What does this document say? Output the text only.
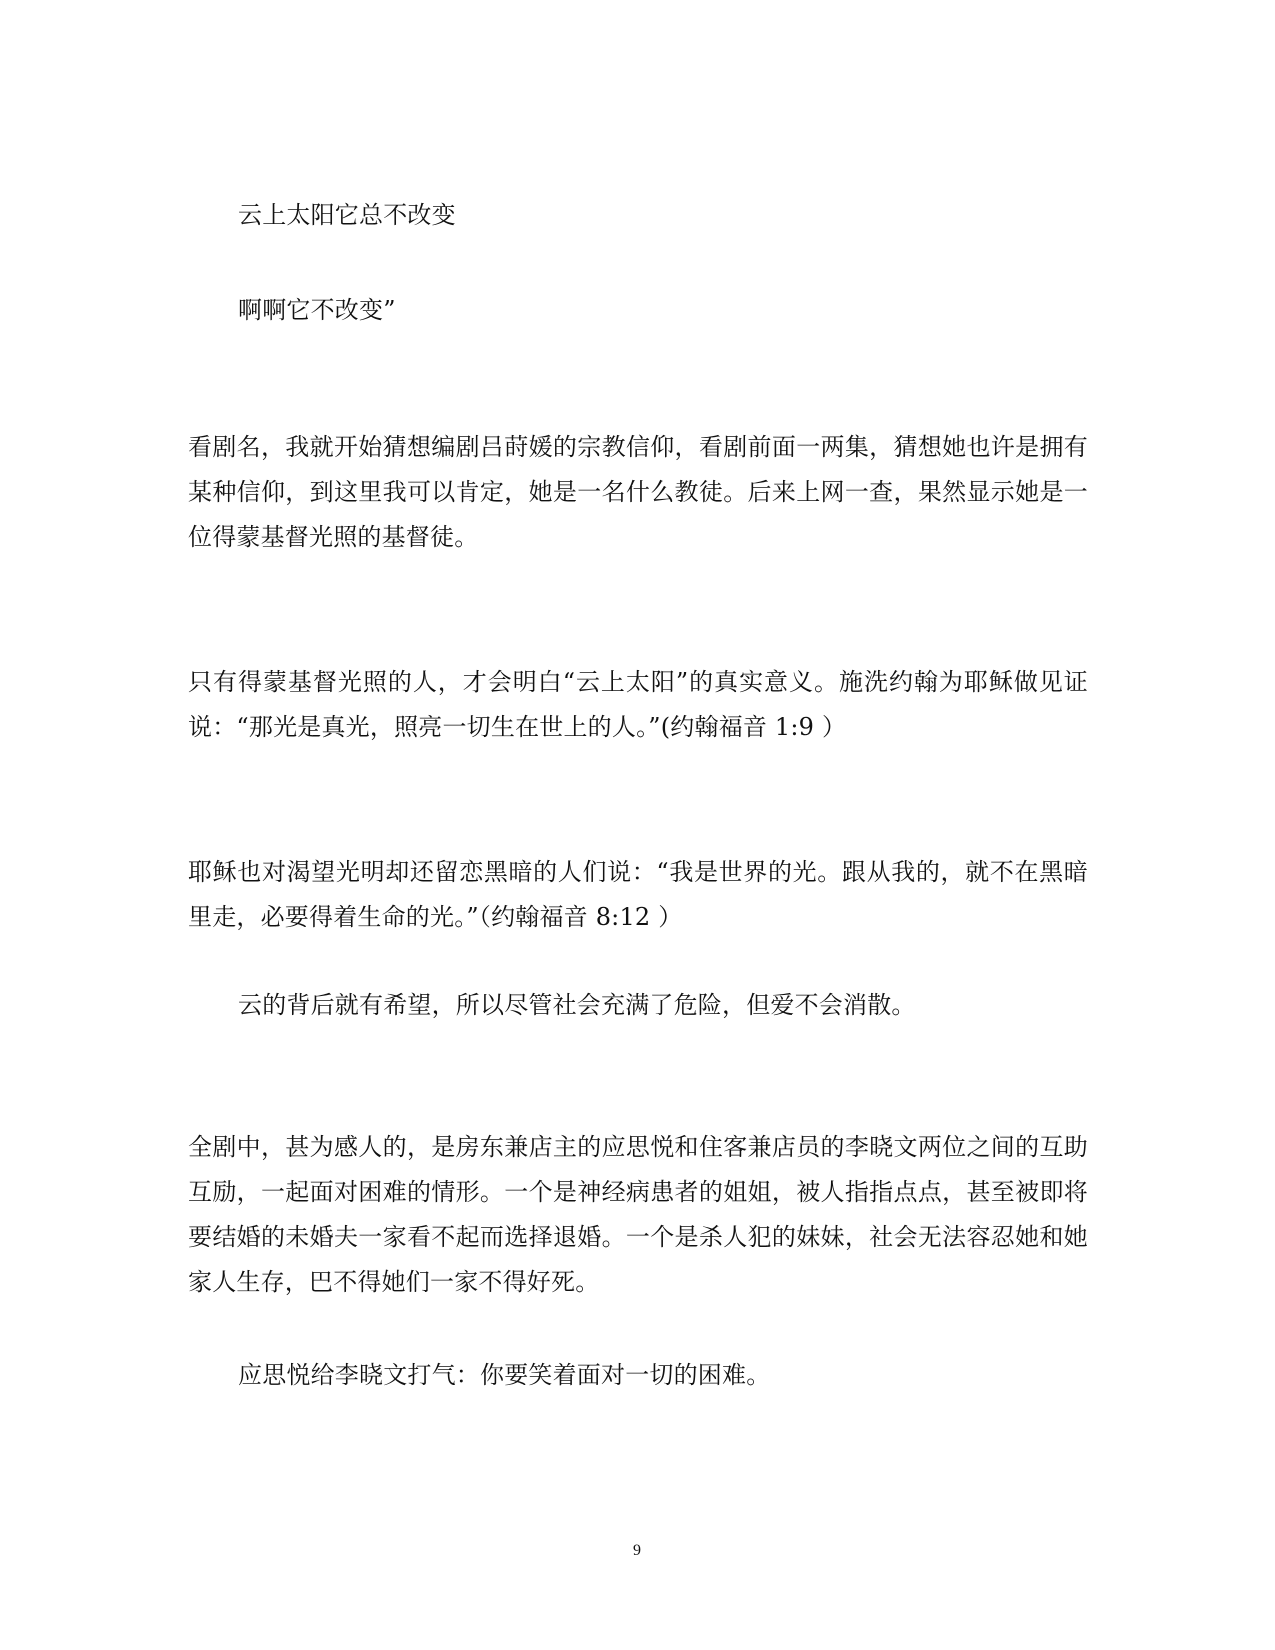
云上太阳它总不改变
啊啊它不改变”
看剧名，我就开始猜想编剧吕莳媛的宗教信仰，看剧前面一两集，猜想她也许是拥有某种信仰，到这里我可以肯定，她是一名什么教徒。后来上网一查，果然显示她是一位得蒙基督光照的基督徒。
只有得蒙基督光照的人，才会明白“云上太阳”的真实意义。施洗约翰为耶稣做见证说：“那光是真光，照亮一切生在世上的人。”(约翰福音 1:9 ）
耶稣也对渴望光明却还留恋黑暗的人们说：“我是世界的光。跟从我的，就不在黑暗里走，必要得着生命的光。”（约翰福音 8:12 ）
云的背后就有希望，所以尽管社会充满了危险，但爱不会消散。
全剧中，甚为感人的，是房东兼店主的应思悦和住客兼店员的李晓文两位之间的互助互励，一起面对困难的情形。一个是神经病患者的姐姐，被人指指点点，甚至被即将要结婚的未婚夫一家看不起而选择退婚。一个是杀人犯的妹妹，社会无法容忍她和她家人生存，巴不得她们一家不得好死。
应思悦给李晓文打气：你要笑着面对一切的困难。
9
